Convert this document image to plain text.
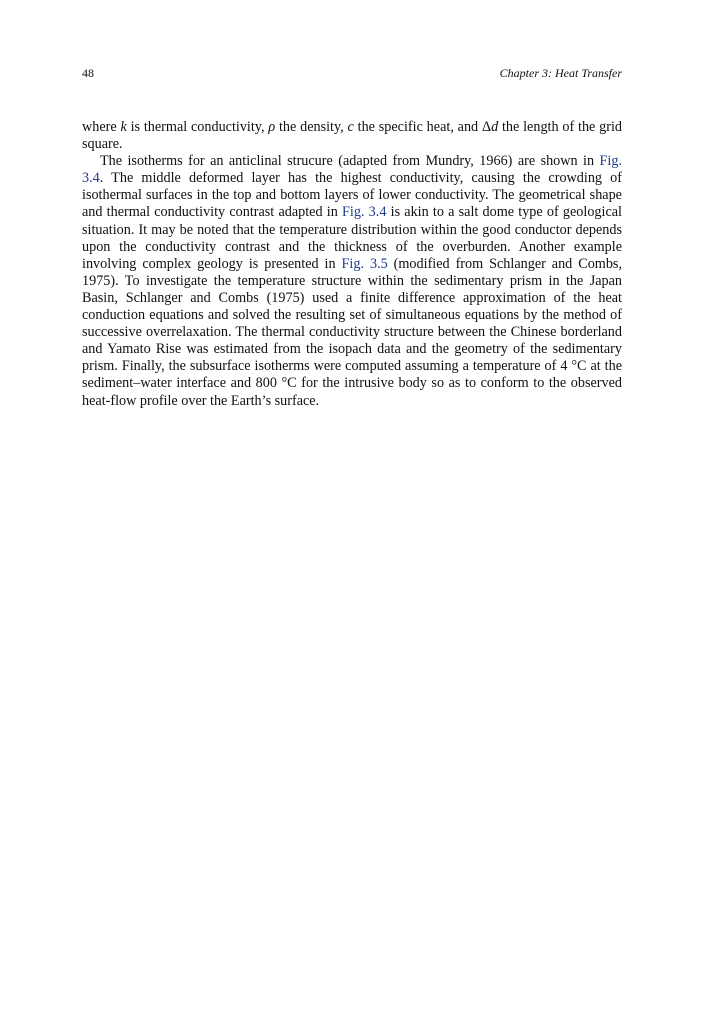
48	Chapter 3: Heat Transfer

where k is thermal conductivity, ρ the density, c the specific heat, and Δd the length of the grid square.

The isotherms for an anticlinal strucure (adapted from Mundry, 1966) are shown in Fig. 3.4. The middle deformed layer has the highest conductivity, causing the crowding of isothermal surfaces in the top and bottom layers of lower conductivity. The geometrical shape and thermal conductivity contrast adapted in Fig. 3.4 is akin to a salt dome type of geological situation. It may be noted that the temperature distribution within the good conductor depends upon the conductivity contrast and the thickness of the overburden. Another example involving complex geology is presented in Fig. 3.5 (modified from Schlanger and Combs, 1975). To investigate the temperature structure within the sedimentary prism in the Japan Basin, Schlanger and Combs (1975) used a finite difference approximation of the heat conduction equations and solved the resulting set of simultaneous equations by the method of successive overrelaxation. The thermal conductivity structure between the Chinese borderland and Yamato Rise was estimated from the isopach data and the geometry of the sedimentary prism. Finally, the subsurface isotherms were computed assuming a temperature of 4 °C at the sediment–water interface and 800 °C for the intrusive body so as to conform to the observed heat-flow profile over the Earth’s surface.
